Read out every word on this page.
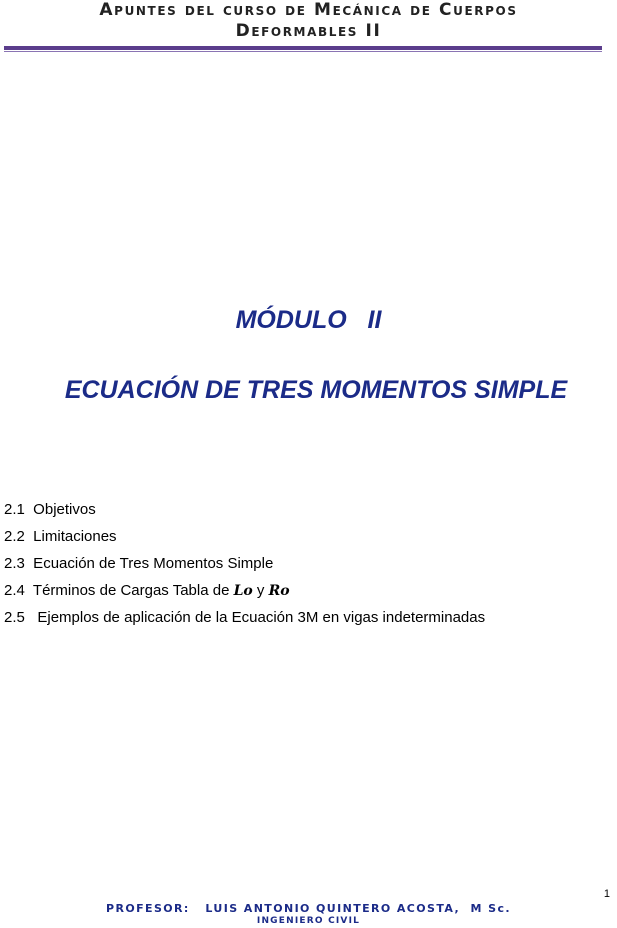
Apuntes del curso de Mecánica de Cuerpos
Deformables II
MÓDULO   II
ECUACIÓN DE TRES MOMENTOS SIMPLE
2.1  Objetivos
2.2  Limitaciones
2.3  Ecuación de Tres Momentos Simple
2.4  Términos de Cargas Tabla de Lo y Ro
2.5   Ejemplos de aplicación de la Ecuación 3M en vigas indeterminadas
1
PROFESOR:   LUIS ANTONIO QUINTERO ACOSTA,  M Sc.
INGENIERO CIVIL
